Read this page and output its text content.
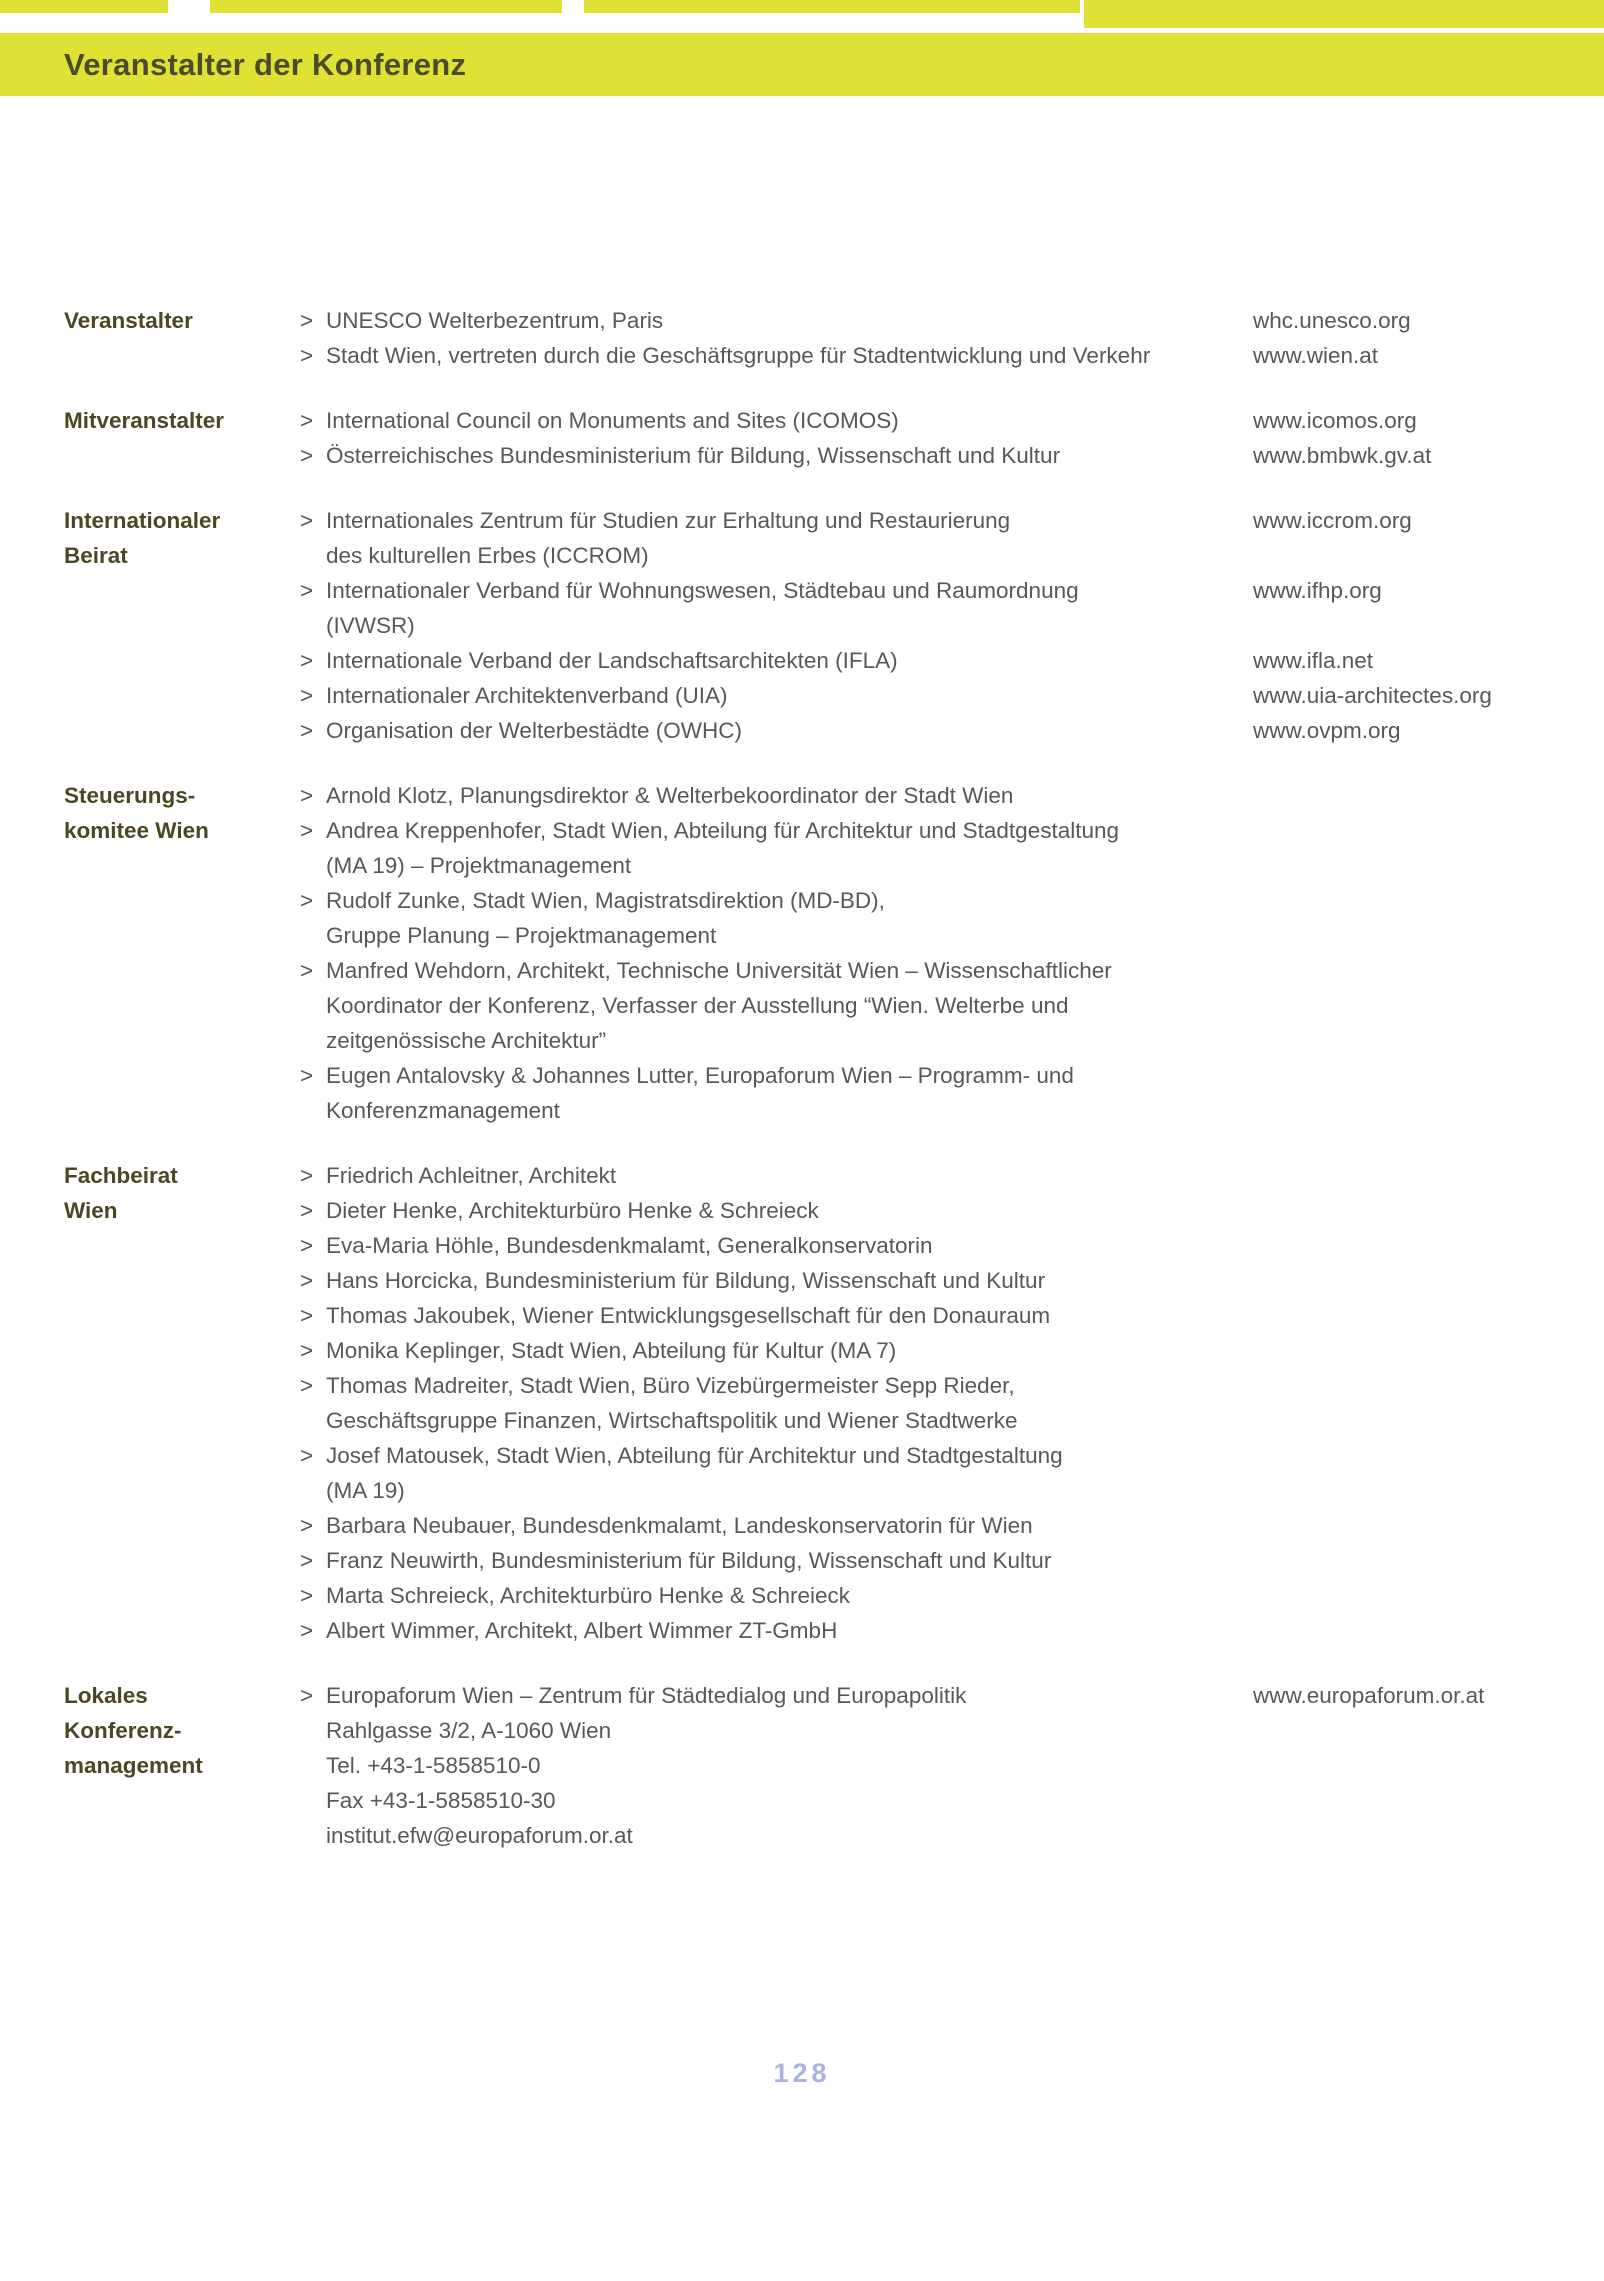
Veranstalter der Konferenz
Veranstalter	> UNESCO Welterbezentrum, Paris	whc.unesco.org
> Stadt Wien, vertreten durch die Geschäftsgruppe für Stadtentwicklung und Verkehr	www.wien.at
Mitveranstalter	> International Council on Monuments and Sites (ICOMOS)	www.icomos.org
> Österreichisches Bundesministerium für Bildung, Wissenschaft und Kultur	www.bmbwk.gv.at
Internationaler
Beirat
> Internationales Zentrum für Studien zur Erhaltung und Restaurierung	www.iccrom.org
des kulturellen Erbes (ICCROM)
> Internationaler Verband für Wohnungswesen, Städtebau und Raumordnung	www.ifhp.org
(IVWSR)
> Internationale Verband der Landschaftsarchitekten (IFLA)	www.ifla.net
> Internationaler Architektenverband (UIA)	www.uia-architectes.org
> Organisation der Welterbestädte (OWHC)	www.ovpm.org
Steuerungs-
komitee Wien
> Arnold Klotz, Planungsdirektor & Welterbekoordinator der Stadt Wien
> Andrea Kreppenhofer, Stadt Wien, Abteilung für Architektur und Stadtgestaltung
(MA 19) – Projektmanagement
> Rudolf Zunke, Stadt Wien, Magistratsdirektion (MD-BD),
Gruppe Planung – Projektmanagement
> Manfred Wehdorn, Architekt, Technische Universität Wien – Wissenschaftlicher
Koordinator der Konferenz, Verfasser der Ausstellung “Wien. Welterbe und
zeitgenössische Architektur”
> Eugen Antalovsky & Johannes Lutter, Europaforum Wien – Programm- und
Konferenzmanagement
Fachbeirat
Wien
> Friedrich Achleitner, Architekt
> Dieter Henke, Architekturbüro Henke & Schreieck
> Eva-Maria Höhle, Bundesdenkmalamt, Generalkonservatorin
> Hans Horcicka, Bundesministerium für Bildung, Wissenschaft und Kultur
> Thomas Jakoubek, Wiener Entwicklungsgesellschaft für den Donauraum
> Monika Keplinger, Stadt Wien, Abteilung für Kultur (MA 7)
> Thomas Madreiter, Stadt Wien, Büro Vizebürgermeister Sepp Rieder,
Geschäftsgruppe Finanzen, Wirtschaftspolitik und Wiener Stadtwerke
> Josef Matousek, Stadt Wien, Abteilung für Architektur und Stadtgestaltung
(MA 19)
> Barbara Neubauer, Bundesdenkmalamt, Landeskonservatorin für Wien
> Franz Neuwirth, Bundesministerium für Bildung, Wissenschaft und Kultur
> Marta Schreieck, Architekturbüro Henke & Schreieck
> Albert Wimmer, Architekt, Albert Wimmer ZT-GmbH
Lokales
Konferenz-
management
> Europaforum Wien – Zentrum für Städtedialog und Europapolitik	www.europaforum.or.at
Rahlgasse 3/2, A-1060 Wien
Tel. +43-1-5858510-0
Fax +43-1-5858510-30
institut.efw@europaforum.or.at
128
